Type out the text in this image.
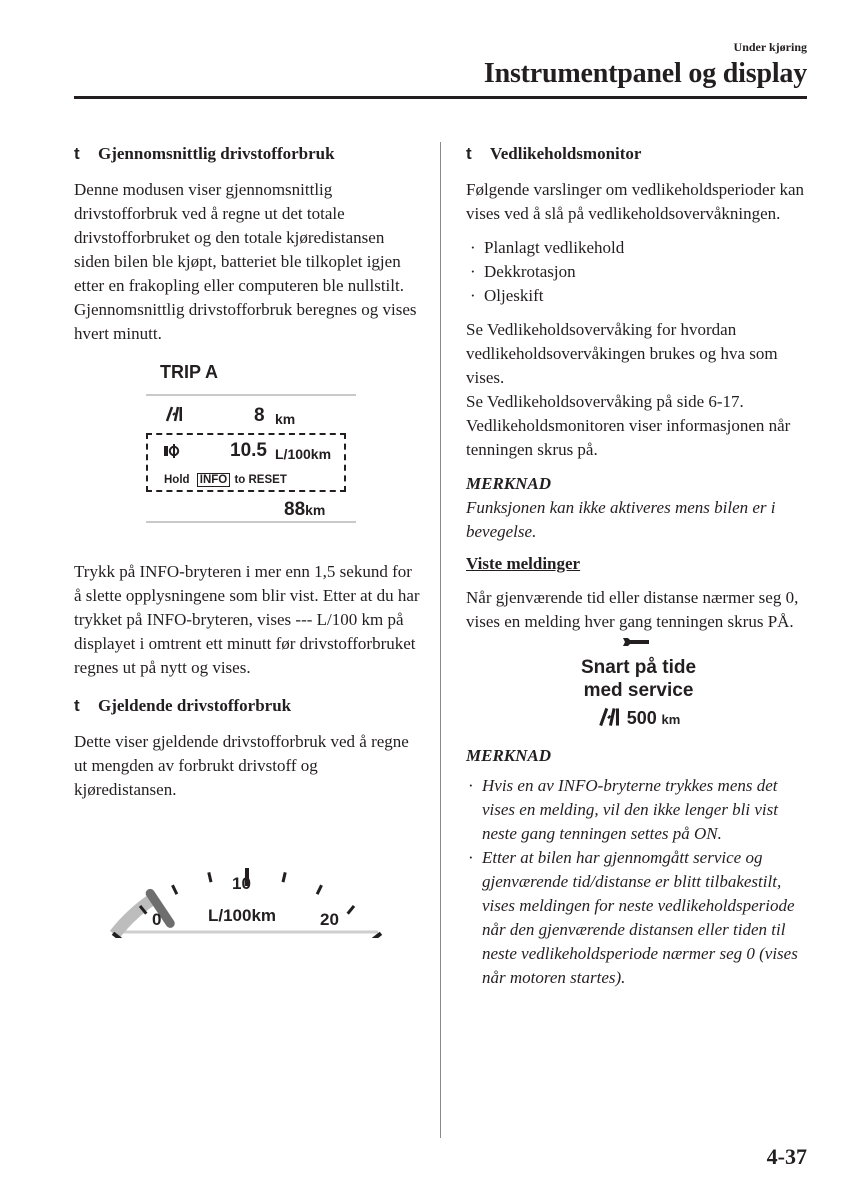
Under kjøring
Instrumentpanel og display
t Gjennomsnittlig drivstofforbruk

Denne modusen viser gjennomsnittlig drivstofforbruk ved å regne ut det totale drivstofforbruket og den totale kjøredistansen siden bilen ble kjøpt, batteriet ble tilkoplet igjen etter en frakopling eller computeren ble nullstilt. Gjennomsnittlig drivstofforbruk beregnes og vises hvert minutt.

TRIP A
8 km
10.5 L/100km
Hold INFO to RESET
88km

Trykk på INFO-bryteren i mer enn 1,5 sekund for å slette opplysningene som blir vist. Etter at du har trykket på INFO-bryteren, vises --- L/100 km på displayet i omtrent ett minutt før drivstofforbruket regnes ut på nytt og vises.

t Gjeldende drivstofforbruk

Dette viser gjeldende drivstofforbruk ved å regne ut mengden av forbrukt drivstoff og kjøredistansen.

0
10
20
L/100km
t Vedlikeholdsmonitor

Følgende varslinger om vedlikeholdsperioder kan vises ved å slå på vedlikeholdsovervåkningen.

· Planlagt vedlikehold
· Dekkrotasjon
· Oljeskift
Se Vedlikeholdsovervåking for hvordan vedlikeholdsovervåkingen brukes og hva som vises.
Se Vedlikeholdsovervåking på side 6-17.

Vedlikeholdsmonitoren viser informasjonen når tenningen skrus på.

MERKNAD
Funksjonen kan ikke aktiveres mens bilen er i bevegelse.
Viste meldinger

Når gjenværende tid eller distanse nærmer seg 0, vises en melding hver gang tenningen skrus PÅ.

Snart på tide
med service
500 km
MERKNAD
· Hvis en av INFO-bryterne trykkes mens det vises en melding, vil den ikke lenger bli vist neste gang tenningen settes på ON.
· Etter at bilen har gjennomgått service og gjenværende tid/distanse er blitt tilbakestilt, vises meldingen for neste vedlikeholdsperiode når den gjenværende distansen eller tiden til neste vedlikeholdsperiode nærmer seg 0 (vises når motoren startes).
4-37
